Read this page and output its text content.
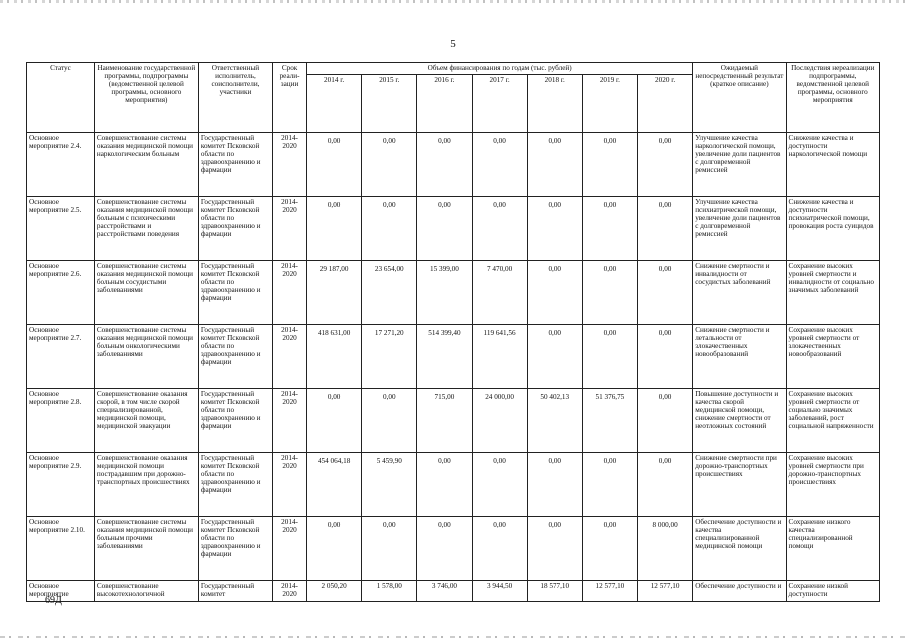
5
Статус	Наименование государственной программы, подпрограммы (ведомственной целевой программы, основного мероприятия)	Ответственный исполнитель, соисполнители, участники	Срок реали-зации	Объем финансирования по годам (тыс. рублей)							Ожидаемый непосредственный результат (краткое описание)	Последствия нереализации подпрограммы, ведомственной целевой программы, основного мероприятия
				2014 г.	2015 г.	2016 г.	2017 г.	2018 г.	2019 г.	2020 г.		
Основное мероприятие 2.4.	Совершенствование системы оказания медицинской помощи наркологическим больным	Государственный комитет Псковской области по здравоохранению и фармации	2014-2020	0,00	0,00	0,00	0,00	0,00	0,00	0,00	Улучшение качества наркологической помощи, увеличение доли пациентов с долговременной ремиссией	Снижение качества и доступности наркологической помощи
Основное мероприятие 2.5.	Совершенствование системы оказания медицинской помощи больным с психическими расстройствами и расстройствами поведения	Государственный комитет Псковской области по здравоохранению и фармации	2014-2020	0,00	0,00	0,00	0,00	0,00	0,00	0,00	Улучшение качества психиатрической помощи, увеличение доли пациентов с долговременной ремиссией	Снижение качества и доступности психиатрической помощи, провокация роста суицидов
Основное мероприятие 2.6.	Совершенствование системы оказания медицинской помощи больным сосудистыми заболеваниями	Государственный комитет Псковской области по здравоохранению и фармации	2014-2020	29 187,00	23 654,00	15 399,00	7 470,00	0,00	0,00	0,00	Снижение смертности и инвалидности от сосудистых заболеваний	Сохранение высоких уровней смертности и инвалидности от социально значимых заболеваний
Основное мероприятие 2.7.	Совершенствование системы оказания медицинской помощи больным онкологическими заболеваниями	Государственный комитет Псковской области по здравоохранению и фармации	2014-2020	418 631,00	17 271,20	514 399,40	119 641,56	0,00	0,00	0,00	Снижение смертности и летальности от злокачественных новообразований	Сохранение высоких уровней смертности от злокачественных новообразований
Основное мероприятие 2.8.	Совершенствование оказания скорой, в том числе скорой специализированной, медицинской помощи, медицинской эвакуации	Государственный комитет Псковской области по здравоохранению и фармации	2014-2020	0,00	0,00	715,00	24 000,00	50 402,13	51 376,75	0,00	Повышение доступности и качества скорой медицинской помощи, снижение смертности от неотложных состояний	Сохранение высоких уровней смертности от социально значимых заболеваний, рост социальной напряженности
Основное мероприятие 2.9.	Совершенствование оказания медицинской помощи пострадавшим при дорожно-транспортных происшествиях	Государственный комитет Псковской области по здравоохранению и фармации	2014-2020	454 064,18	5 459,90	0,00	0,00	0,00	0,00	0,00	Снижение смертности при дорожно-транспортных происшествиях	Сохранение высоких уровней смертности при дорожно-транспортных происшествиях
Основное мероприятие 2.10.	Совершенствование системы оказания медицинской помощи больным прочими заболеваниями	Государственный комитет Псковской области по здравоохранению и фармации	2014-2020	0,00	0,00	0,00	0,00	0,00	0,00	8 000,00	Обеспечение доступности и качества специализированной медицинской помощи	Сохранение низкого качества специализированной помощи
Основное мероприятие	Совершенствование высокотехнологичной	Государственный комитет	2014-2020	2 050,20	1 578,00	3 746,00	3 944,50	18 577,10	12 577,10	12 577,10	Обеспечение доступности и	Сохранение низкой доступности
69Д
